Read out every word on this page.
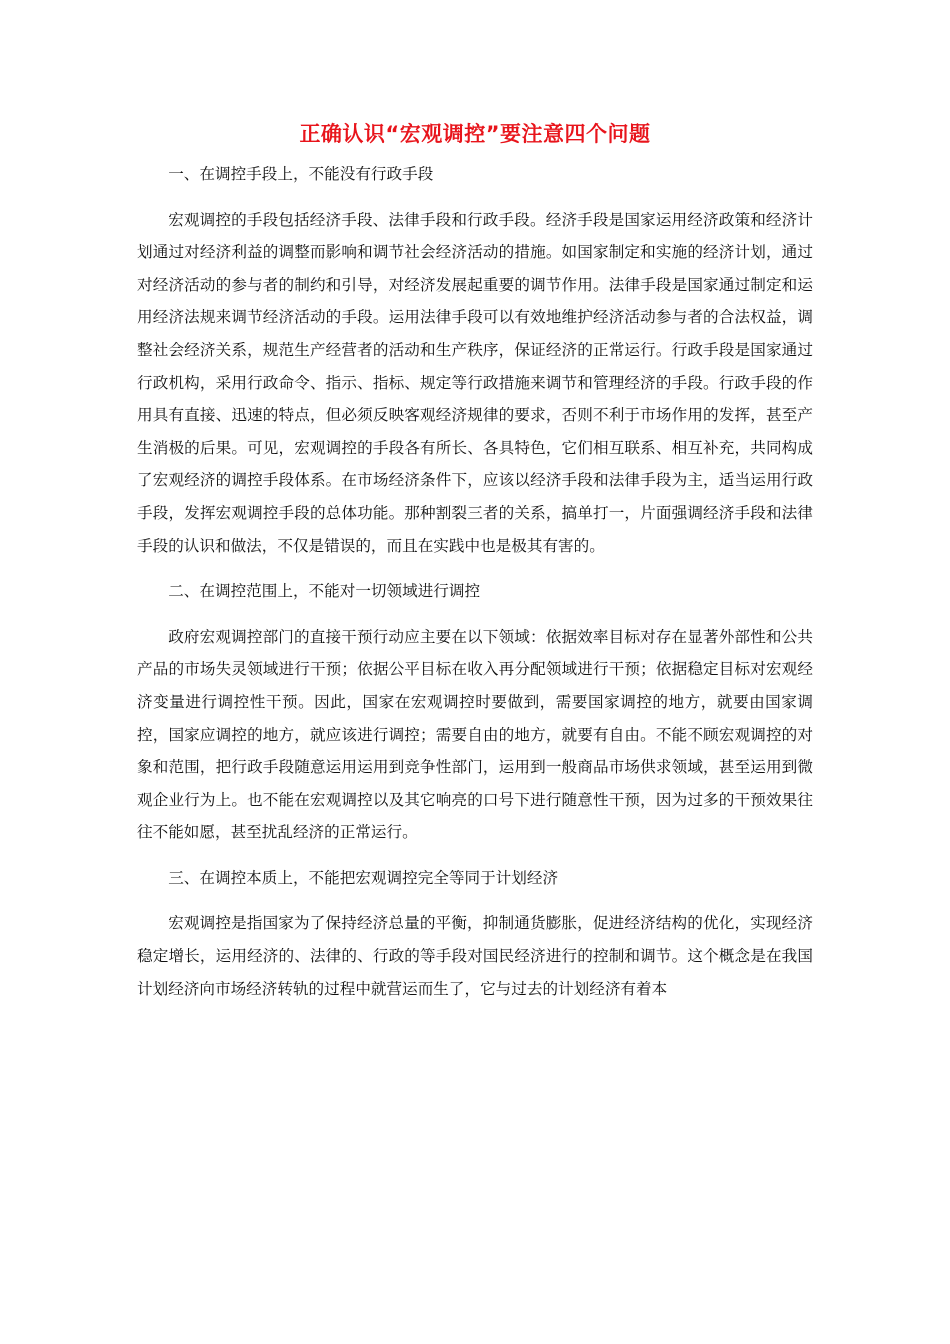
正确认识“宏观调控”要注意四个问题

一、在调控手段上，不能没有行政手段

宏观调控的手段包括经济手段、法律手段和行政手段。经济手段是国家运用经济政策和经济计划通过对经济利益的调整而影响和调节社会经济活动的措施。如国家制定和实施的经济计划，通过对经济活动的参与者的制约和引导，对经济发展起重要的调节作用。法律手段是国家通过制定和运用经济法规来调节经济活动的手段。运用法律手段可以有效地维护经济活动参与者的合法权益，调整社会经济关系，规范生产经营者的活动和生产秩序，保证经济的正常运行。行政手段是国家通过行政机构，采用行政命令、指示、指标、规定等行政措施来调节和管理经济的手段。行政手段的作用具有直接、迅速的特点，但必须反映客观经济规律的要求，否则不利于市场作用的发挥，甚至产生消极的后果。可见，宏观调控的手段各有所长、各具特色，它们相互联系、相互补充，共同构成了宏观经济的调控手段体系。在市场经济条件下，应该以经济手段和法律手段为主，适当运用行政手段，发挥宏观调控手段的总体功能。那种割裂三者的关系，搞单打一，片面强调经济手段和法律手段的认识和做法，不仅是错误的，而且在实践中也是极其有害的。

二、在调控范围上，不能对一切领域进行调控

政府宏观调控部门的直接干预行动应主要在以下领域：依据效率目标对存在显著外部性和公共产品的市场失灵领域进行干预；依据公平目标在收入再分配领域进行干预；依据稳定目标对宏观经济变量进行调控性干预。因此，国家在宏观调控时要做到，需要国家调控的地方，就要由国家调控，国家应调控的地方，就应该进行调控；需要自由的地方，就要有自由。不能不顾宏观调控的对象和范围，把行政手段随意运用运用到竞争性部门，运用到一般商品市场供求领域，甚至运用到微观企业行为上。也不能在宏观调控以及其它响亮的口号下进行随意性干预，因为过多的干预效果往往不能如愿，甚至扰乱经济的正常运行。

三、在调控本质上，不能把宏观调控完全等同于计划经济

宏观调控是指国家为了保持经济总量的平衡，抑制通货膨胀，促进经济结构的优化，实现经济稳定增长，运用经济的、法律的、行政的等手段对国民经济进行的控制和调节。这个概念是在我国计划经济向市场经济转轨的过程中就营运而生了，它与过去的计划经济有着本
